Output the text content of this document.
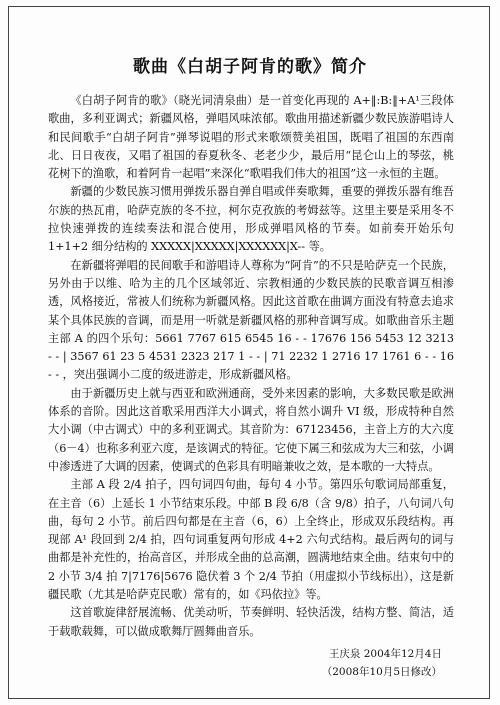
歌曲《白胡子阿肯的歌》简介

《白胡子阿肯的歌》（晓光词清泉曲）是一首变化再现的 A+‖:B:‖+A¹三段体歌曲，多利亚调式；新疆风格，弹唱风味浓郁。歌曲用描述新疆少数民族游唱诗人和民间歌手“白胡子阿肯”弹琴说唱的形式来歌颂赞美祖国，既唱了祖国的东西南北、日日夜夜，又唱了祖国的春夏秋冬、老老少少，最后用“昆仑山上的琴弦，桃花树下的渔歌，和着阿肯一起唱”来深化“歌唱我们伟大的祖国”这一永恒的主题。

新疆的少数民族习惯用弹拨乐器自弹自唱或伴奏歌舞，重要的弹拨乐器有维吾尔族的热瓦甫，哈萨克族的冬不拉，柯尔克孜族的考姆兹等。这里主要是采用冬不拉快速弹拨的连续奏法和混合使用，形成弹唱风格的节奏。如前奏开始乐句 1+1+2 细分结构的 XXXXX|XXXXX|XXXXXX|X-- 等。

在新疆将弹唱的民间歌手和游唱诗人尊称为“阿肯”的不只是哈萨克一个民族，另外由于以维、哈为主的几个区域邻近、宗教相通的少数民族的民歌音调互相渗透，风格接近，常被人们统称为新疆风格。因此这首歌在曲调方面没有特意去追求某个具体民族的音调，而是用一听就是新疆风格的那种音调写成。如歌曲音乐主题主部 A 的四个乐句：5661 7767 615 6545 16 - - 17676 156 5453 12 3213 - - | 3567 61 23 5 4531 2323 217 1 - - | 71 2232 1 2716 17 1761 6 - - 16 - - ，突出强调小二度的级进游走，形成新疆风格。

由于新疆历史上就与西亚和欧洲通商，受外来因素的影响，大多数民歌是欧洲体系的音阶。因此这首歌采用西洋大小调式，将自然小调升 VI 级，形成特种自然大小调（中古调式）中的多利亚调式。其音阶为：67123456，主音上方的大六度（6－4）也称多利亚六度，是该调式的特征。它使下属三和弦成为大三和弦，小调中渗透进了大调的因素，使调式的色彩具有明暗兼收之效，是本歌的一大特点。

主部 A 段 2/4 拍子，四句词四句曲，每句 4 小节。第四乐句歌词局部重复，在主音（6）上延长 1 小节结束乐段。中部 B 段 6/8（含 9/8）拍子，八句词八句曲，每句 2 小节。前后四句都是在主音（6，6）上全终止，形成双乐段结构。再现部 A¹ 段回到 2/4 拍，四句词重复两句形成 4+2 六句式结构。最后两句的词与曲都是补充性的，抬高音区，并形成全曲的总高潮，圆满地结束全曲。结束句中的 2 小节 3/4 拍 7|7176|5676 隐伏着 3 个 2/4 节拍（用虚拟小节线标出），这是新疆民歌（尤其是哈萨克民歌）常有的，如《玛依拉》等。

这首歌旋律舒展流畅、优美动听，节奏鲜明、轻快活泼，结构方整、简洁，适于载歌载舞，可以做成歌舞厅圆舞曲音乐。

王庆泉 2004年12月4日
（2008年10月5日修改）
